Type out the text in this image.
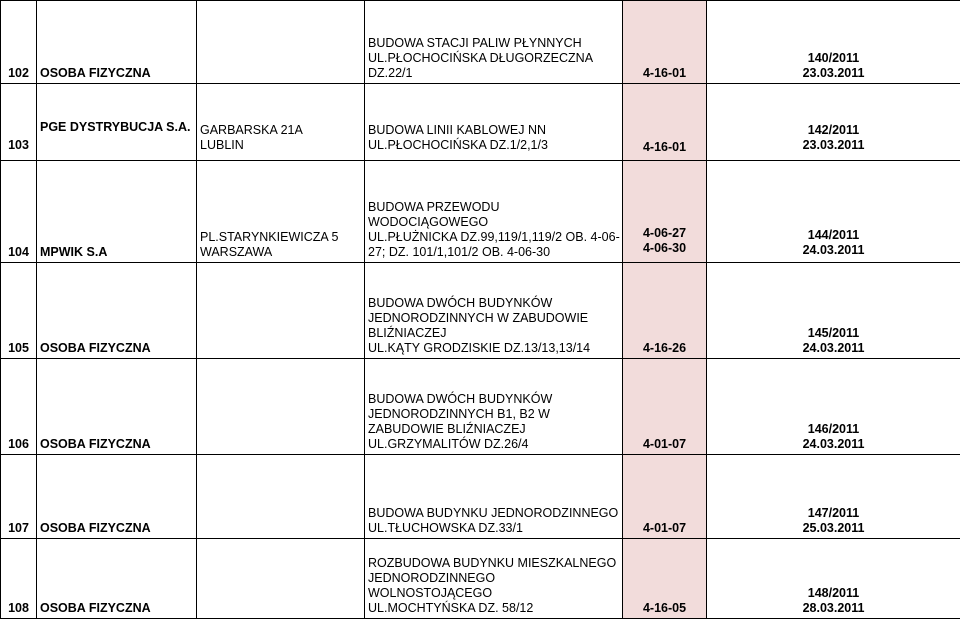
102	OSOBA FIZYCZNA		BUDOWA STACJI PALIW PŁYNNYCH
UL.PŁOCHOCIŃSKA DŁUGORZECZNA
DZ.22/1	4-16-01	140/2011
23.03.2011

103	PGE DYSTRYBUCJA S.A.	GARBARSKA 21A
LUBLIN	BUDOWA LINII KABLOWEJ NN
UL.PŁOCHOCIŃSKA DZ.1/2,1/3	4-16-01	142/2011
23.03.2011

104	MPWIK S.A	PL.STARYNKIEWICZA 5
WARSZAWA	BUDOWA PRZEWODU
WODOCIĄGOWEGO
UL.PŁUŻNICKA DZ.99,119/1,119/2 OB. 4-06-
27; DZ. 101/1,101/2 OB. 4-06-30	4-06-27
4-06-30	144/2011
24.03.2011

105	OSOBA FIZYCZNA		BUDOWA DWÓCH BUDYNKÓW
JEDNORODZINNYCH W ZABUDOWIE
BLIŹNIACZEJ
UL.KĄTY GRODZISKIE DZ.13/13,13/14	4-16-26	145/2011
24.03.2011

106	OSOBA FIZYCZNA		BUDOWA DWÓCH BUDYNKÓW
JEDNORODZINNYCH B1, B2 W
ZABUDOWIE BLIŹNIACZEJ
UL.GRZYMALITÓW DZ.26/4	4-01-07	146/2011
24.03.2011

107	OSOBA FIZYCZNA		BUDOWA BUDYNKU JEDNORODZINNEGO
UL.TŁUCHOWSKA DZ.33/1	4-01-07	147/2011
25.03.2011

108	OSOBA FIZYCZNA		ROZBUDOWA BUDYNKU MIESZKALNEGO
JEDNORODZINNEGO
WOLNOSTOJĄCEGO
UL.MOCHTYŃSKA DZ. 58/12	4-16-05	148/2011
28.03.2011
